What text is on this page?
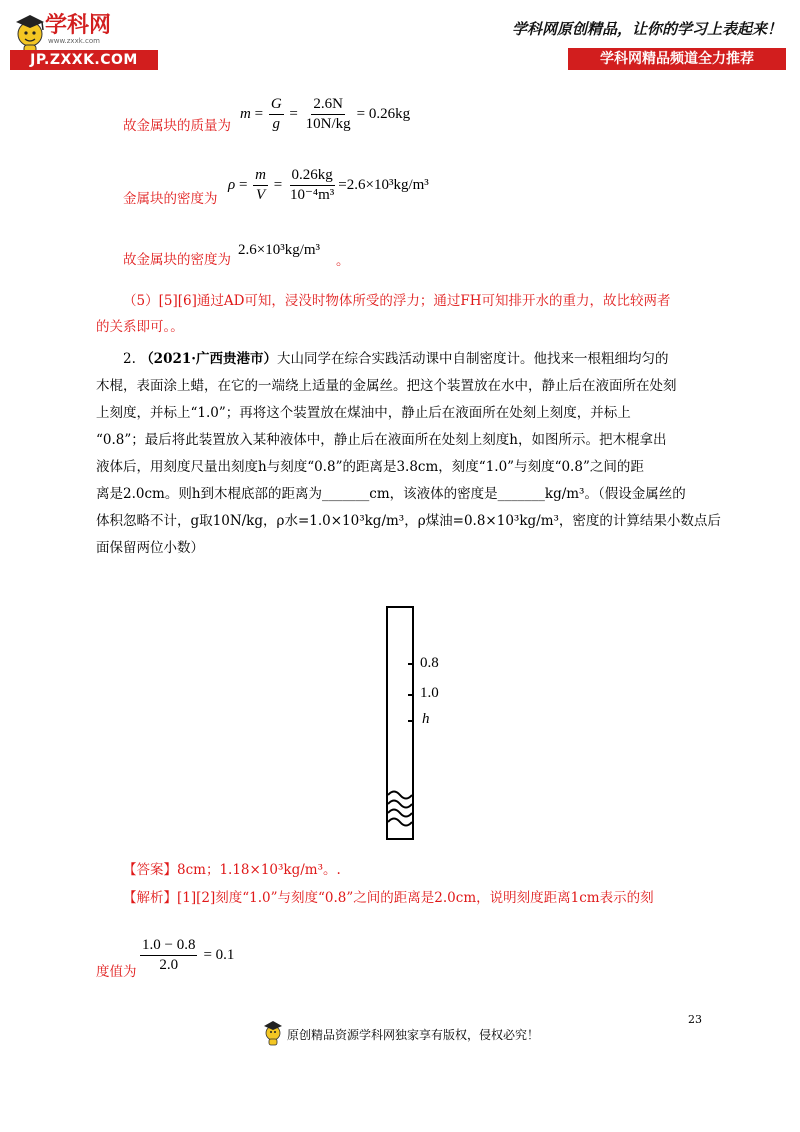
学科网
www.zxxk.com
JP.ZXXK.COM
学科网原创精品，让你的学习上表起来！
学科网精品频道全力推荐
故金属块的质量为
$m = \frac{G}{g} = \frac{2.6N}{10N/kg} = 0.26kg$
金属块的密度为
$\rho = \frac{m}{V} = \frac{0.26kg}{\text{10⁻⁴m³}} =2.6\times 10^3kg/m^3$
故金属块的密度为
2.6×10³kg/m³
。
（5）[5][6]通过AD可知，浸没时物体所受的浮力；通过FH可知排开水的重力，故比较两者
的关系即可。。
2. （2021·广西贵港市）大山同学在综合实践活动课中自制密度计。他找来一根粗细均匀的
木棍，表面涂上蜡，在它的一端绕上适量的金属丝。把这个装置放在水中，静止后在液面所在处刻
上刻度，并标上“1.0”；再将这个装置放在煤油中，静止后在液面所在处刻上刻度，并标上
“0.8”；最后将此装置放入某种液体中，静止后在液面所在处刻上刻度h，如图所示。把木棍拿出
液体后，用刻度尺量出刻度h与刻度“0.8”的距离是3.8cm，刻度“1.0”与刻度“0.8”之间的距
离是2.0cm。则h到木棍底部的距离为_______cm，该液体的密度是_______kg/m³。（假设金属丝的
体积忽略不计，g取10N/kg，ρ水=1.0×10³kg/m³，ρ煤油=0.8×10³kg/m³，密度的计算结果小数点后
面保留两位小数）
0.8
1.0
h
【答案】8cm；1.18×10³kg/m³。.
【解析】[1][2]刻度“1.0”与刻度“0.8”之间的距离是2.0cm，说明刻度距离1cm表示的刻
度值为 $\frac{1.0 - 0.8}{2.0} = 0.1$
23
原创精品资源学科网独家享有版权，侵权必究！
